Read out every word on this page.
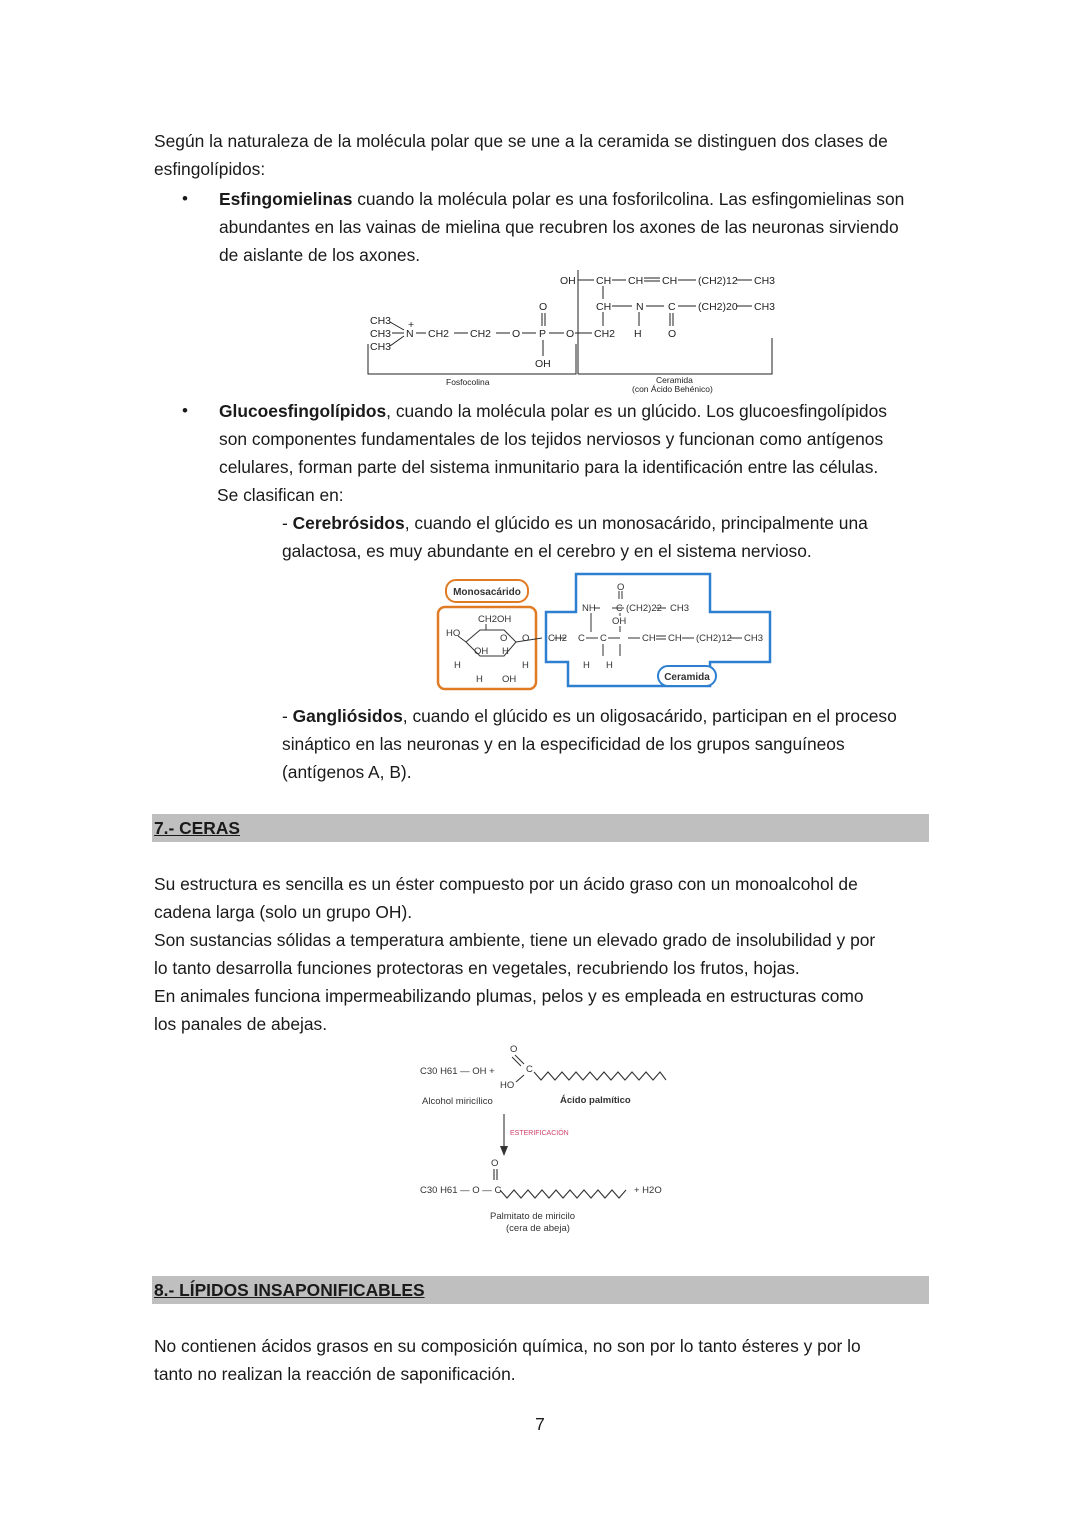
Según la naturaleza de la molécula polar que se une a la ceramida se distinguen dos clases de

esfingolípidos:

• Esfingomielinas cuando la molécula polar es una fosforilcolina. Las esfingomielinas son
abundantes en las vainas de mielina que recubren los axones de las neuronas sirviendo
de aislante de los axones.
OH CH CH CH (CH2)12 CH3
CH N C (CH2)20 CH3
CH3
CH3
CH3
+
N CH2 CH2 O
O
P
OH
O CH2 H	O
Fosfocolina	Ceramida
(con Ácido Behénico)
• Glucoesfingolípidos, cuando la molécula polar es un glúcido. Los glucoesfingolípidos
son componentes fundamentales de los tejidos nerviosos y funcionan como antígenos
celulares, forman parte del sistema inmunitario para la identificación entre las células.
Se clasifican en:
- Cerebrósidos, cuando el glúcido es un monosacárido, principalmente una
galactosa, es muy abundante en el cerebro y en el sistema nervioso.
Monosacárido
Ceramida
CH2OH
HO	O O
OH H
H	H
H OH
O
NH C (CH2)22 CH3
OH
CH2 C C	CH CH (CH2)12 CH3
H H
- Gangliósidos, cuando el glúcido es un oligosacárido, participan en el proceso
sináptico en las neuronas y en la especificidad de los grupos sanguíneos
(antígenos A, B).
7.- CERAS

Su estructura es sencilla es un éster compuesto por un ácido graso con un monoalcohol de

cadena larga (solo un grupo OH).

Son sustancias sólidas a temperatura ambiente, tiene un elevado grado de insolubilidad y por

lo tanto desarrolla funciones protectoras en vegetales, recubriendo los frutos, hojas.

En animales funciona impermeabilizando plumas, pelos y es empleada en estructuras como

los panales de abejas.

C30 H61 — OH +
O
C
HO
Alcohol miricílico	Ácido palmítico
O
C30 H61 — O — C	+ H2O
Palmitato de miricilo
(cera de abeja)
ESTERIFICACIÓN
8.- LÍPIDOS INSAPONIFICABLES

No contienen ácidos grasos en su composición química, no son por lo tanto ésteres y por lo

tanto no realizan la reacción de saponificación.

7
